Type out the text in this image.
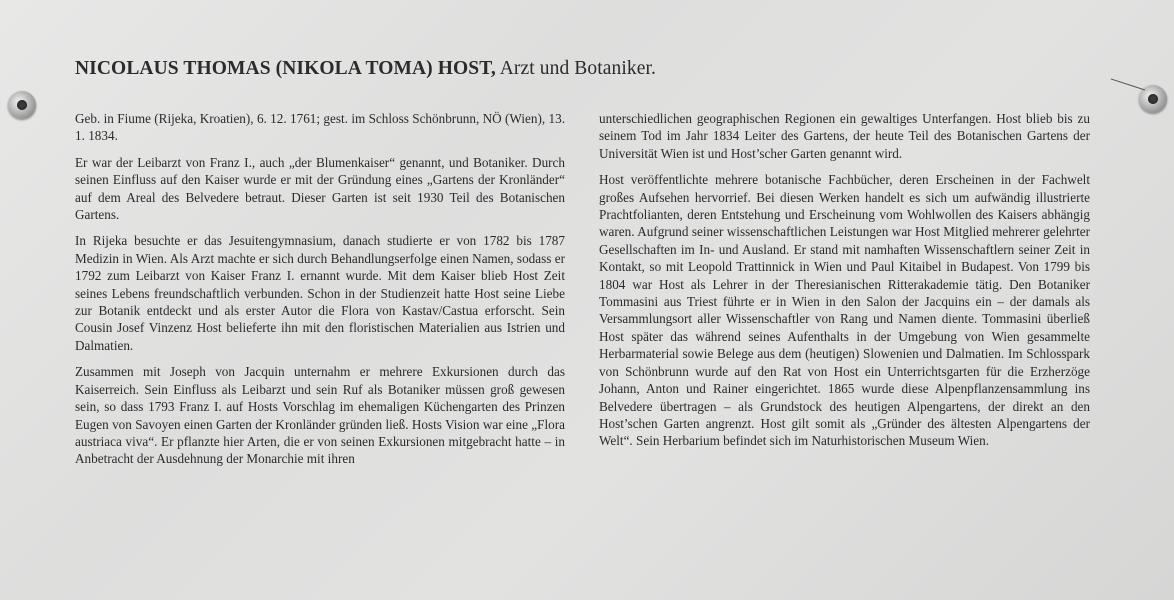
NICOLAUS THOMAS (NIKOLA TOMA) HOST, Arzt und Botaniker.

Geb. in Fiume (Rijeka, Kroatien), 6. 12. 1761; gest. im Schloss Schönbrunn, NÖ (Wien), 13. 1. 1834.

Er war der Leibarzt von Franz I., auch „der Blumenkaiser“ genannt, und Botaniker. Durch seinen Einfluss auf den Kaiser wurde er mit der Gründung eines „Gartens der Kronländer“ auf dem Areal des Belvedere betraut. Dieser Garten ist seit 1930 Teil des Botanischen Gartens.

In Rijeka besuchte er das Jesuitengymnasium, danach studierte er von 1782 bis 1787 Medizin in Wien. Als Arzt machte er sich durch Behandlungserfolge einen Namen, sodass er 1792 zum Leibarzt von Kaiser Franz I. ernannt wurde. Mit dem Kaiser blieb Host Zeit seines Lebens freundschaftlich verbunden. Schon in der Studienzeit hatte Host seine Liebe zur Botanik entdeckt und als erster Autor die Flora von Kastav/Castua erforscht. Sein Cousin Josef Vinzenz Host belieferte ihn mit den floristischen Materialien aus Istrien und Dalmatien.

Zusammen mit Joseph von Jacquin unternahm er mehrere Exkursionen durch das Kaiserreich. Sein Einfluss als Leibarzt und sein Ruf als Botaniker müssen groß gewesen sein, so dass 1793 Franz I. auf Hosts Vorschlag im ehemaligen Küchengarten des Prinzen Eugen von Savoyen einen Garten der Kronländer gründen ließ. Hosts Vision war eine „Flora austriaca viva“. Er pflanzte hier Arten, die er von seinen Exkursionen mitgebracht hatte – in Anbetracht der Ausdehnung der Monarchie mit ihren

unterschiedlichen geographischen Regionen ein gewaltiges Unterfangen. Host blieb bis zu seinem Tod im Jahr 1834 Leiter des Gartens, der heute Teil des Botanischen Gartens der Universität Wien ist und Host’scher Garten genannt wird.

Host veröffentlichte mehrere botanische Fachbücher, deren Erscheinen in der Fachwelt großes Aufsehen hervorrief. Bei diesen Werken handelt es sich um aufwändig illustrierte Prachtfolianten, deren Entstehung und Erscheinung vom Wohlwollen des Kaisers abhängig waren. Aufgrund seiner wissenschaftlichen Leistungen war Host Mitglied mehrerer gelehrter Gesellschaften im In- und Ausland. Er stand mit namhaften Wissenschaftlern seiner Zeit in Kontakt, so mit Leopold Trattinnick in Wien und Paul Kitaibel in Budapest. Von 1799 bis 1804 war Host als Lehrer in der Theresianischen Ritterakademie tätig. Den Botaniker Tommasini aus Triest führte er in Wien in den Salon der Jacquins ein – der damals als Versammlungsort aller Wissenschaftler von Rang und Namen diente. Tommasini überließ Host später das während seines Aufenthalts in der Umgebung von Wien gesammelte Herbarmaterial sowie Belege aus dem (heutigen) Slowenien und Dalmatien. Im Schlosspark von Schönbrunn wurde auf den Rat von Host ein Unterrichtsgarten für die Erzherzöge Johann, Anton und Rainer eingerichtet. 1865 wurde diese Alpenpflanzensammlung ins Belvedere übertragen – als Grundstock des heutigen Alpengartens, der direkt an den Host’schen Garten angrenzt. Host gilt somit als „Gründer des ältesten Alpengartens der Welt“. Sein Herbarium befindet sich im Naturhistorischen Museum Wien.
